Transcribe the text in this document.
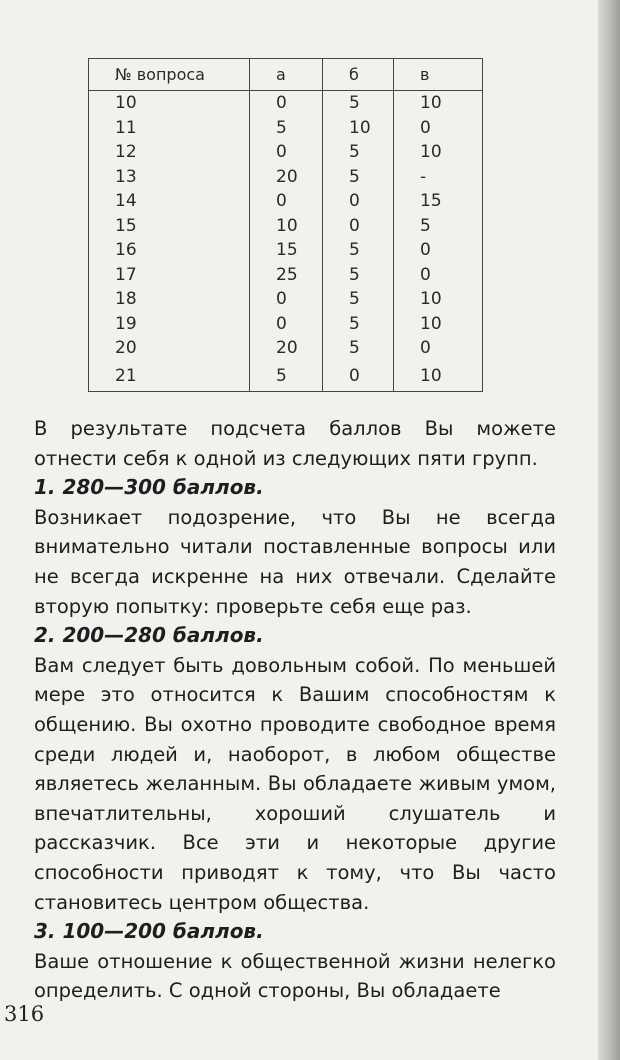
№ вопроса	а	б	в
10	0	5	10
11	5	10	0
12	0	5	10
13	20	5	-
14	0	0	15
15	10	0	5
16	15	5	0
17	25	5	0
18	0	5	10
19	0	5	10
20	20	5	0
21	5	0	10

В результате подсчета баллов Вы можете отнести себя к одной из следующих пяти групп.

1. 280—300 баллов.

Возникает подозрение, что Вы не всегда внимательно читали поставленные вопросы или не всегда искренне на них отвечали. Сделайте вторую попытку: проверьте себя еще раз.

2. 200—280 баллов.

Вам следует быть довольным собой. По меньшей мере это относится к Вашим способностям к общению. Вы охотно проводите свободное время среди людей и, наоборот, в любом обществе являетесь желанным. Вы обладаете живым умом, впечатлительны, хороший слушатель и рассказчик. Все эти и некоторые другие способности приводят к тому, что Вы часто становитесь центром общества.

3. 100—200 баллов.

Ваше отношение к общественной жизни нелегко определить. С одной стороны, Вы обладаете

316
